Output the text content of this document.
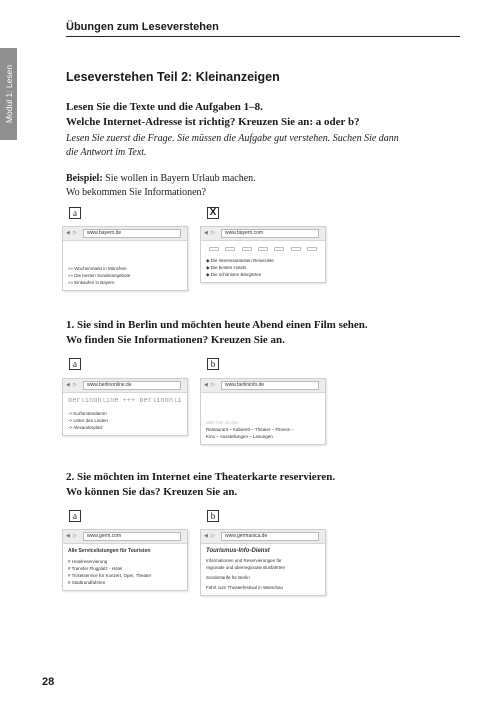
Modul 1: Lesen
Übungen zum Leseverstehen
Leseverstehen Teil 2: Kleinanzeigen
Lesen Sie die Texte und die Aufgaben 1–8.
Welche Internet-Adresse ist richtig? Kreuzen Sie an: a oder b?
Lesen Sie zuerst die Frage. Sie müssen die Aufgabe gut verstehen. Suchen Sie dann
die Antwort im Text.
Beispiel: Sie wollen in Bayern Urlaub machen.
Wo bekommen Sie Informationen?
a
◀ ▷	www.bayern.de
»» Wochenmarkt in München
»» Die besten Sonderangebote
»» Einkaufen in Bayern
X
◀ ▷	www.bayern.com
◆ Die interessantesten Reiseziele
◆ Die besten Hotels
◆ Die schönsten Biergärten
1. Sie sind in Berlin und möchten heute Abend einen Film sehen.
Wo finden Sie Informationen? Kreuzen Sie an.
a
◀ ▷	www.berlinonline.de
berlinonline +++ berlinonli
-> Kurfürstendamm
-> Unter den Linden
-> Alexanderplatz
b
◀ ▷	www.berlininfo.de
Bitte hier klicken
Restaurant – Kabarett – Theater – Fitness –
Kino – Ausstellungen – Lesungen
2. Sie möchten im Internet eine Theaterkarte reservieren.
Wo können Sie das? Kreuzen Sie an.
a
◀ ▷	www.germ.com
Alle Servicelistungen für Touristen
# Hotelreservierung
# Transfer Flugplatz - Hotel
# Ticketservice für Konzert, Oper, Theater
# Stadtrundfahrten
b
◀ ▷	www.germanica.de
Tourismus-Info-Dienst
Informationen und Reservierungen für
regionale und überregionale Busfahrten
Sondertarife für Berlin
Fahrt zum Theaterfestival in Warschau
28
